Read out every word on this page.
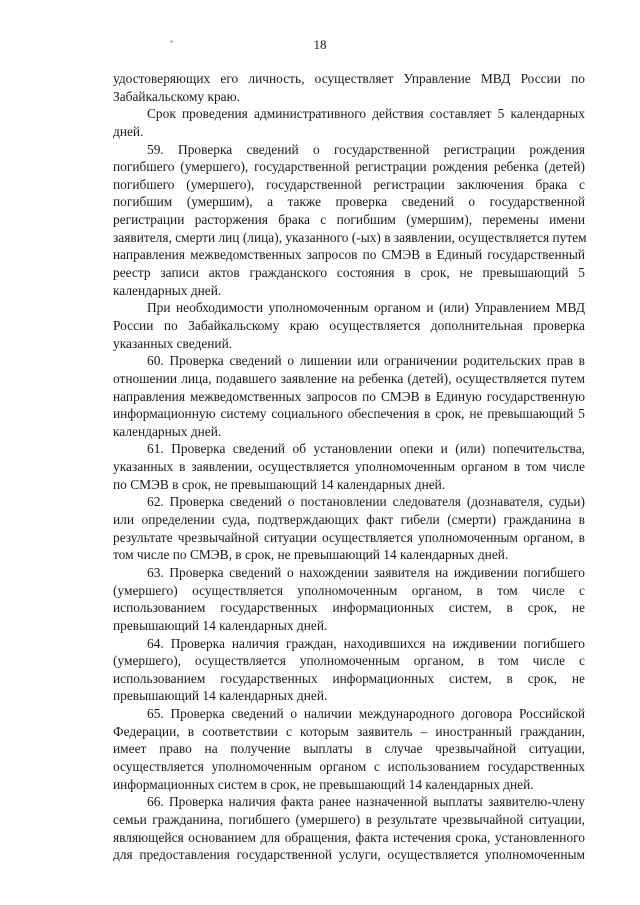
18
удостоверяющих его личность, осуществляет Управление МВД России по
Забайкальскому краю.
Срок проведения административного действия составляет 5 календарных
дней.
59. Проверка сведений о государственной регистрации рождения
погибшего (умершего), государственной регистрации рождения ребенка (детей)
погибшего (умершего), государственной регистрации заключения брака с
погибшим (умершим), а также проверка сведений о государственной
регистрации расторжения брака с погибшим (умершим), перемены имени
заявителя, смерти лиц (лица), указанного (-ых) в заявлении, осуществляется путем
направления межведомственных запросов по СМЭВ в Единый государственный
реестр записи актов гражданского состояния в срок, не превышающий 5
календарных дней.
При необходимости уполномоченным органом и (или) Управлением МВД
России по Забайкальскому краю осуществляется дополнительная проверка
указанных сведений.
60. Проверка сведений о лишении или ограничении родительских прав в
отношении лица, подавшего заявление на ребенка (детей), осуществляется путем
направления межведомственных запросов по СМЭВ в Единую государственную
информационную систему социального обеспечения в срок, не превышающий 5
календарных дней.
61. Проверка сведений об установлении опеки и (или) попечительства,
указанных в заявлении, осуществляется уполномоченным органом в том числе
по СМЭВ в срок, не превышающий 14 календарных дней.
62. Проверка сведений о постановлении следователя (дознавателя, судьи)
или определении суда, подтверждающих факт гибели (смерти) гражданина в
результате чрезвычайной ситуации осуществляется уполномоченным органом, в
том числе по СМЭВ, в срок, не превышающий 14 календарных дней.
63. Проверка сведений о нахождении заявителя на иждивении погибшего
(умершего) осуществляется уполномоченным органом, в том числе с
использованием государственных информационных систем, в срок, не
превышающий 14 календарных дней.
64. Проверка наличия граждан, находившихся на иждивении погибшего
(умершего), осуществляется уполномоченным органом, в том числе с
использованием государственных информационных систем, в срок, не
превышающий 14 календарных дней.
65. Проверка сведений о наличии международного договора Российской
Федерации, в соответствии с которым заявитель – иностранный гражданин,
имеет право на получение выплаты в случае чрезвычайной ситуации,
осуществляется уполномоченным органом с использованием государственных
информационных систем в срок, не превышающий 14 календарных дней.
66. Проверка наличия факта ранее назначенной выплаты заявителю-члену
семьи гражданина, погибшего (умершего) в результате чрезвычайной ситуации,
являющейся основанием для обращения, факта истечения срока, установленного
для предоставления государственной услуги, осуществляется уполномоченным
